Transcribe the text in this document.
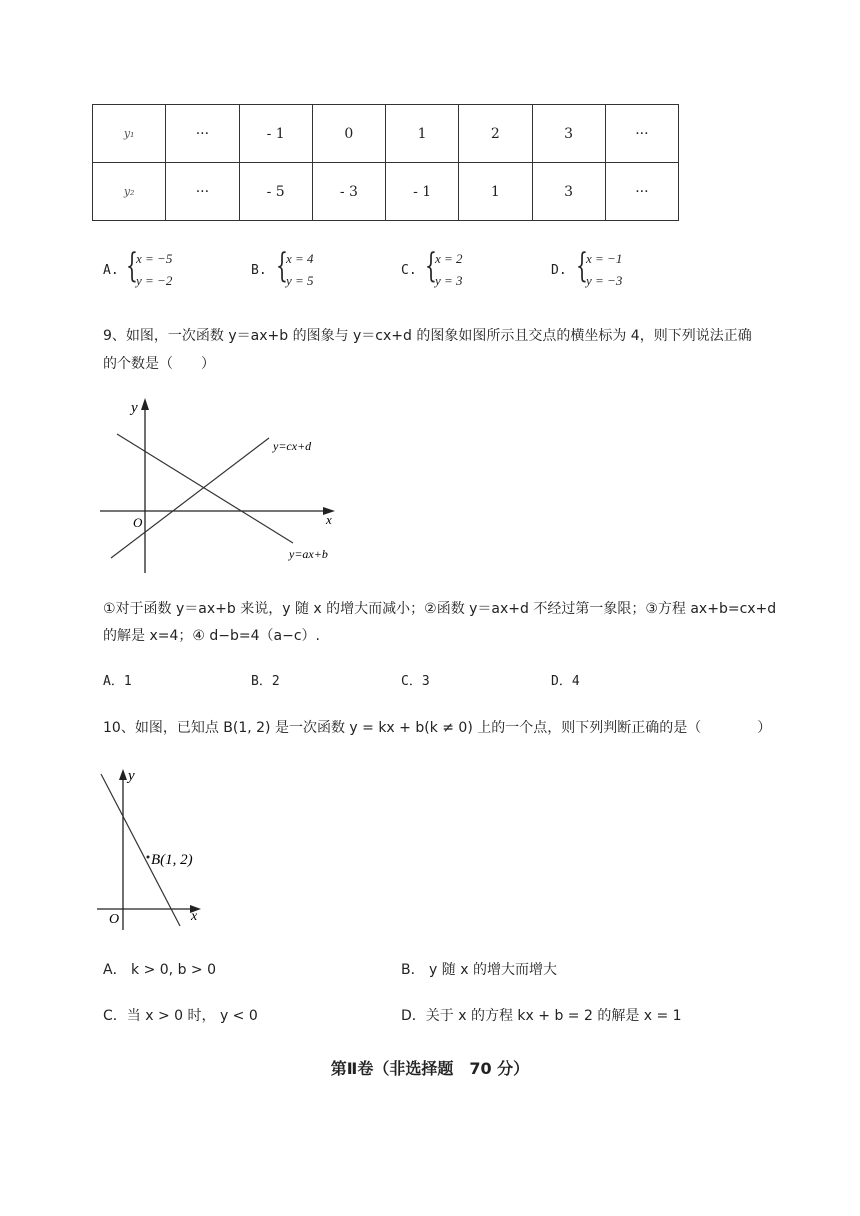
y₁	···	- 1	0	1	2	3	···
y₂	···	- 5	- 3	- 1	1	3	···
A. {
x = −5
y = −2
B. {
x = 4
y = 5
C. {
x = 2
y = 3
D. {
x = −1
y = −3
9、如图，一次函数 y＝ax+b 的图象与 y＝cx+d 的图象如图所示且交点的横坐标为 4，则下列说法正确
的个数是（　　）
y
x
O
y=cx+d
y=ax+b
①对于函数 y＝ax+b 来说，y 随 x 的增大而减小；②函数 y＝ax+d 不经过第一象限；③方程 ax+b=cx+d
的解是 x=4；④ d−b=4（a−c）.
A．1	B．2	C．3	D．4
10、如图，已知点 B(1, 2) 是一次函数 y = kx + b(k ≠ 0) 上的一个点，则下列判断正确的是（　　　　）
y
x
O
B(1, 2)
A． k > 0, b > 0	B． y 随 x 的增大而增大
C．当 x > 0 时， y < 0	D．关于 x 的方程 kx + b = 2 的解是 x = 1
第Ⅱ卷（非选择题　70 分）
